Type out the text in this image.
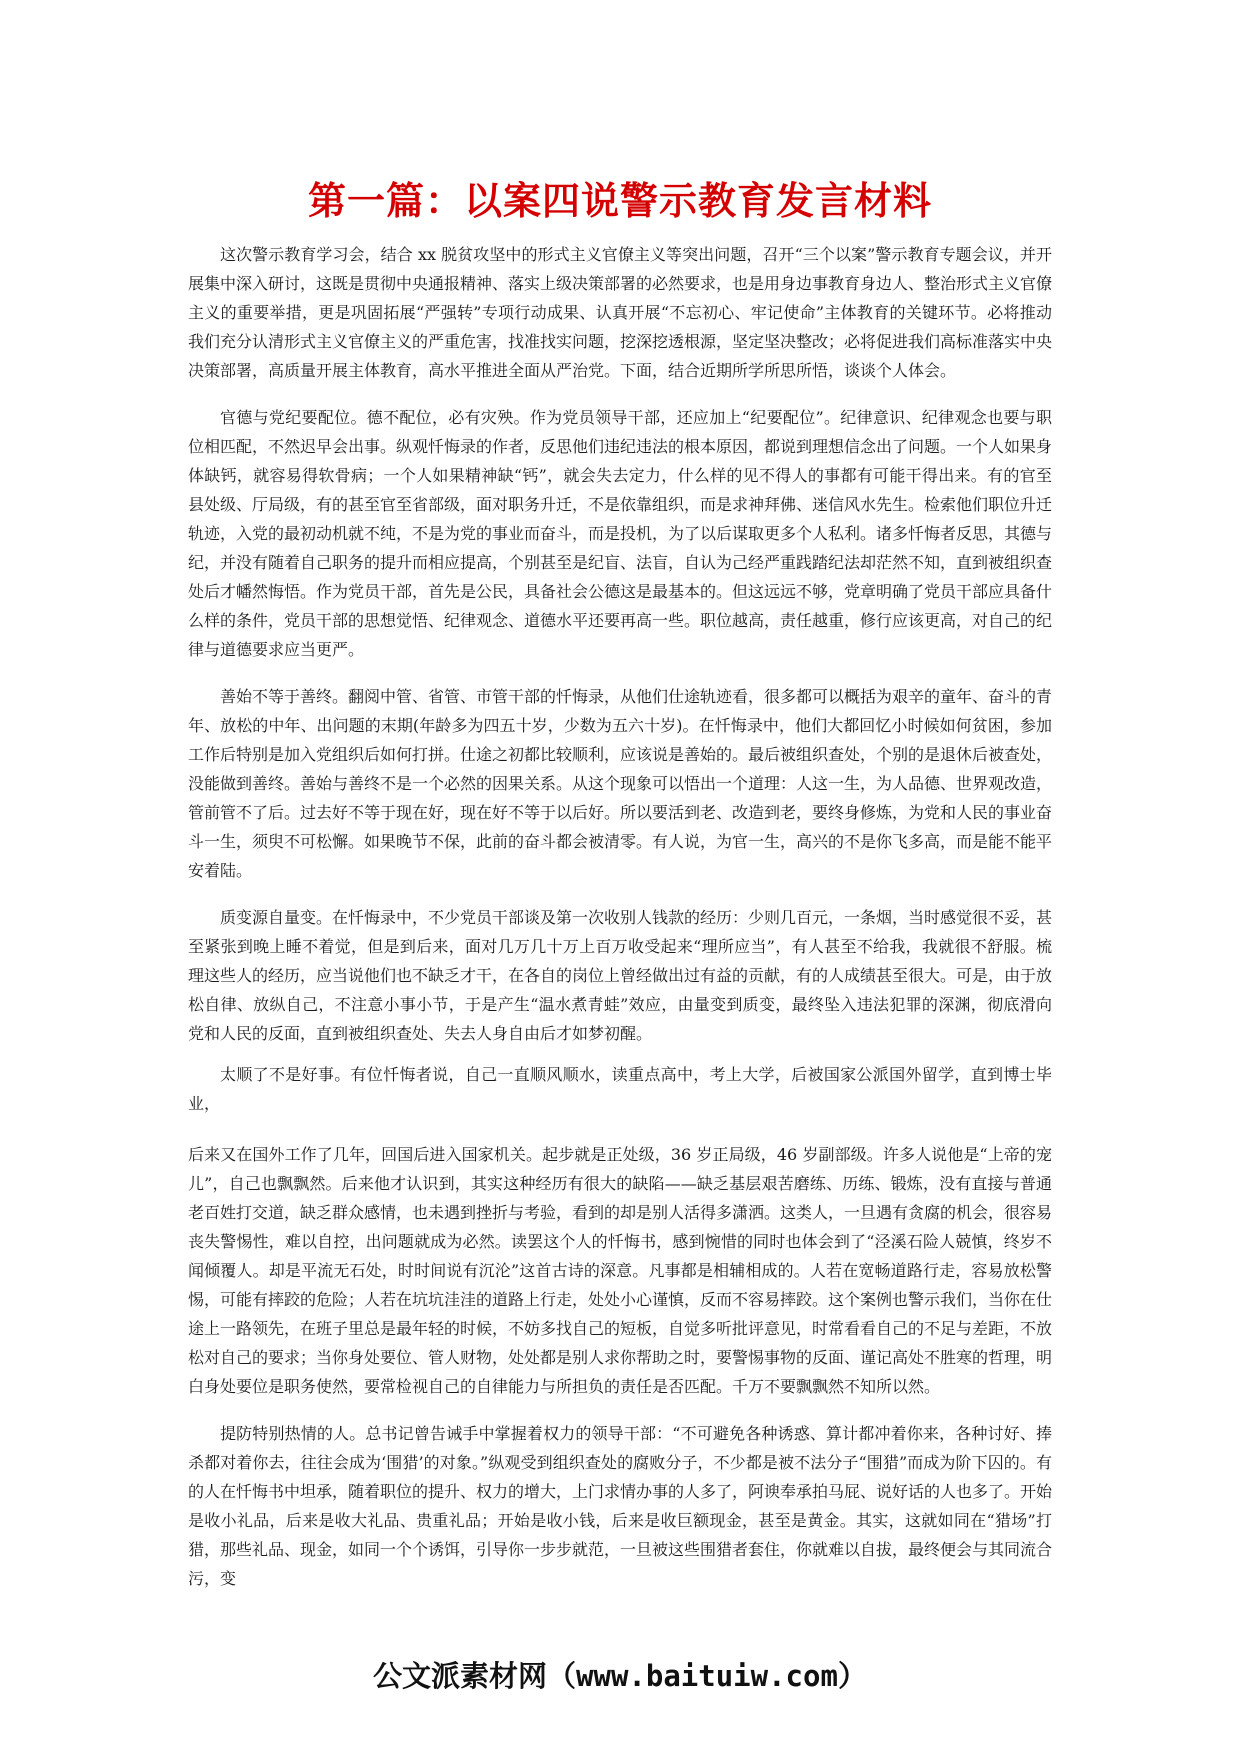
第一篇：以案四说警示教育发言材料

这次警示教育学习会，结合 xx 脱贫攻坚中的形式主义官僚主义等突出问题，召开“三个以案”警示教育专题会议，并开展集中深入研讨，这既是贯彻中央通报精神、落实上级决策部署的必然要求，也是用身边事教育身边人、整治形式主义官僚主义的重要举措，更是巩固拓展“严强转”专项行动成果、认真开展“不忘初心、牢记使命”主体教育的关键环节。必将推动我们充分认清形式主义官僚主义的严重危害，找准找实问题，挖深挖透根源，坚定坚决整改；必将促进我们高标准落实中央决策部署，高质量开展主体教育，高水平推进全面从严治党。下面，结合近期所学所思所悟，谈谈个人体会。

官德与党纪要配位。德不配位，必有灾殃。作为党员领导干部，还应加上“纪要配位”。纪律意识、纪律观念也要与职位相匹配，不然迟早会出事。纵观忏悔录的作者，反思他们违纪违法的根本原因，都说到理想信念出了问题。一个人如果身体缺钙，就容易得软骨病；一个人如果精神缺“钙”，就会失去定力，什么样的见不得人的事都有可能干得出来。有的官至县处级、厅局级，有的甚至官至省部级，面对职务升迁，不是依靠组织，而是求神拜佛、迷信风水先生。检索他们职位升迁轨迹，入党的最初动机就不纯，不是为党的事业而奋斗，而是投机，为了以后谋取更多个人私利。诸多忏悔者反思，其德与纪，并没有随着自己职务的提升而相应提高，个别甚至是纪盲、法盲，自认为己经严重践踏纪法却茫然不知，直到被组织查处后才幡然悔悟。作为党员干部，首先是公民，具备社会公德这是最基本的。但这远远不够，党章明确了党员干部应具备什么样的条件，党员干部的思想觉悟、纪律观念、道德水平还要再高一些。职位越高，责任越重，修行应该更高，对自己的纪律与道德要求应当更严。

善始不等于善终。翻阅中管、省管、市管干部的忏悔录，从他们仕途轨迹看，很多都可以概括为艰辛的童年、奋斗的青年、放松的中年、出问题的末期(年龄多为四五十岁，少数为五六十岁)。在忏悔录中，他们大都回忆小时候如何贫困，参加工作后特别是加入党组织后如何打拼。仕途之初都比较顺利，应该说是善始的。最后被组织查处，个别的是退休后被查处，没能做到善终。善始与善终不是一个必然的因果关系。从这个现象可以悟出一个道理：人这一生，为人品德、世界观改造，管前管不了后。过去好不等于现在好，现在好不等于以后好。所以要活到老、改造到老，要终身修炼，为党和人民的事业奋斗一生，须臾不可松懈。如果晚节不保，此前的奋斗都会被清零。有人说，为官一生，高兴的不是你飞多高，而是能不能平安着陆。

质变源自量变。在忏悔录中，不少党员干部谈及第一次收别人钱款的经历：少则几百元，一条烟，当时感觉很不妥，甚至紧张到晚上睡不着觉，但是到后来，面对几万几十万上百万收受起来“理所应当”，有人甚至不给我，我就很不舒服。梳理这些人的经历，应当说他们也不缺乏才干，在各自的岗位上曾经做出过有益的贡献，有的人成绩甚至很大。可是，由于放松自律、放纵自己，不注意小事小节，于是产生“温水煮青蛙”效应，由量变到质变，最终坠入违法犯罪的深渊，彻底滑向党和人民的反面，直到被组织查处、失去人身自由后才如梦初醒。

太顺了不是好事。有位忏悔者说，自己一直顺风顺水，读重点高中，考上大学，后被国家公派国外留学，直到博士毕业，

后来又在国外工作了几年，回国后进入国家机关。起步就是正处级，36 岁正局级，46 岁副部级。许多人说他是“上帝的宠儿”，自己也飘飘然。后来他才认识到，其实这种经历有很大的缺陷——缺乏基层艰苦磨练、历练、锻炼，没有直接与普通老百姓打交道，缺乏群众感情，也未遇到挫折与考验，看到的却是别人活得多潇洒。这类人，一旦遇有贪腐的机会，很容易丧失警惕性，难以自控，出问题就成为必然。读罢这个人的忏悔书，感到惋惜的同时也体会到了“泾溪石险人兢慎，终岁不闻倾覆人。却是平流无石处，时时间说有沉沦”这首古诗的深意。凡事都是相辅相成的。人若在宽畅道路行走，容易放松警惕，可能有摔跤的危险；人若在坑坑洼洼的道路上行走，处处小心谨慎，反而不容易摔跤。这个案例也警示我们，当你在仕途上一路领先，在班子里总是最年轻的时候，不妨多找自己的短板，自觉多听批评意见，时常看看自己的不足与差距，不放松对自己的要求；当你身处要位、管人财物，处处都是别人求你帮助之时，要警惕事物的反面、谨记高处不胜寒的哲理，明白身处要位是职务使然，要常检视自己的自律能力与所担负的责任是否匹配。千万不要飘飘然不知所以然。

提防特别热情的人。总书记曾告诫手中掌握着权力的领导干部：“不可避免各种诱惑、算计都冲着你来，各种讨好、捧杀都对着你去，往往会成为‘围猎’的对象。”纵观受到组织查处的腐败分子，不少都是被不法分子“围猎”而成为阶下囚的。有的人在忏悔书中坦承，随着职位的提升、权力的增大，上门求情办事的人多了，阿谀奉承拍马屁、说好话的人也多了。开始是收小礼品，后来是收大礼品、贵重礼品；开始是收小钱，后来是收巨额现金，甚至是黄金。其实，这就如同在“猎场”打猎，那些礼品、现金，如同一个个诱饵，引导你一步步就范，一旦被这些围猎者套住，你就难以自拔，最终便会与其同流合污，变

公文派素材网（www.baituiw.com）
